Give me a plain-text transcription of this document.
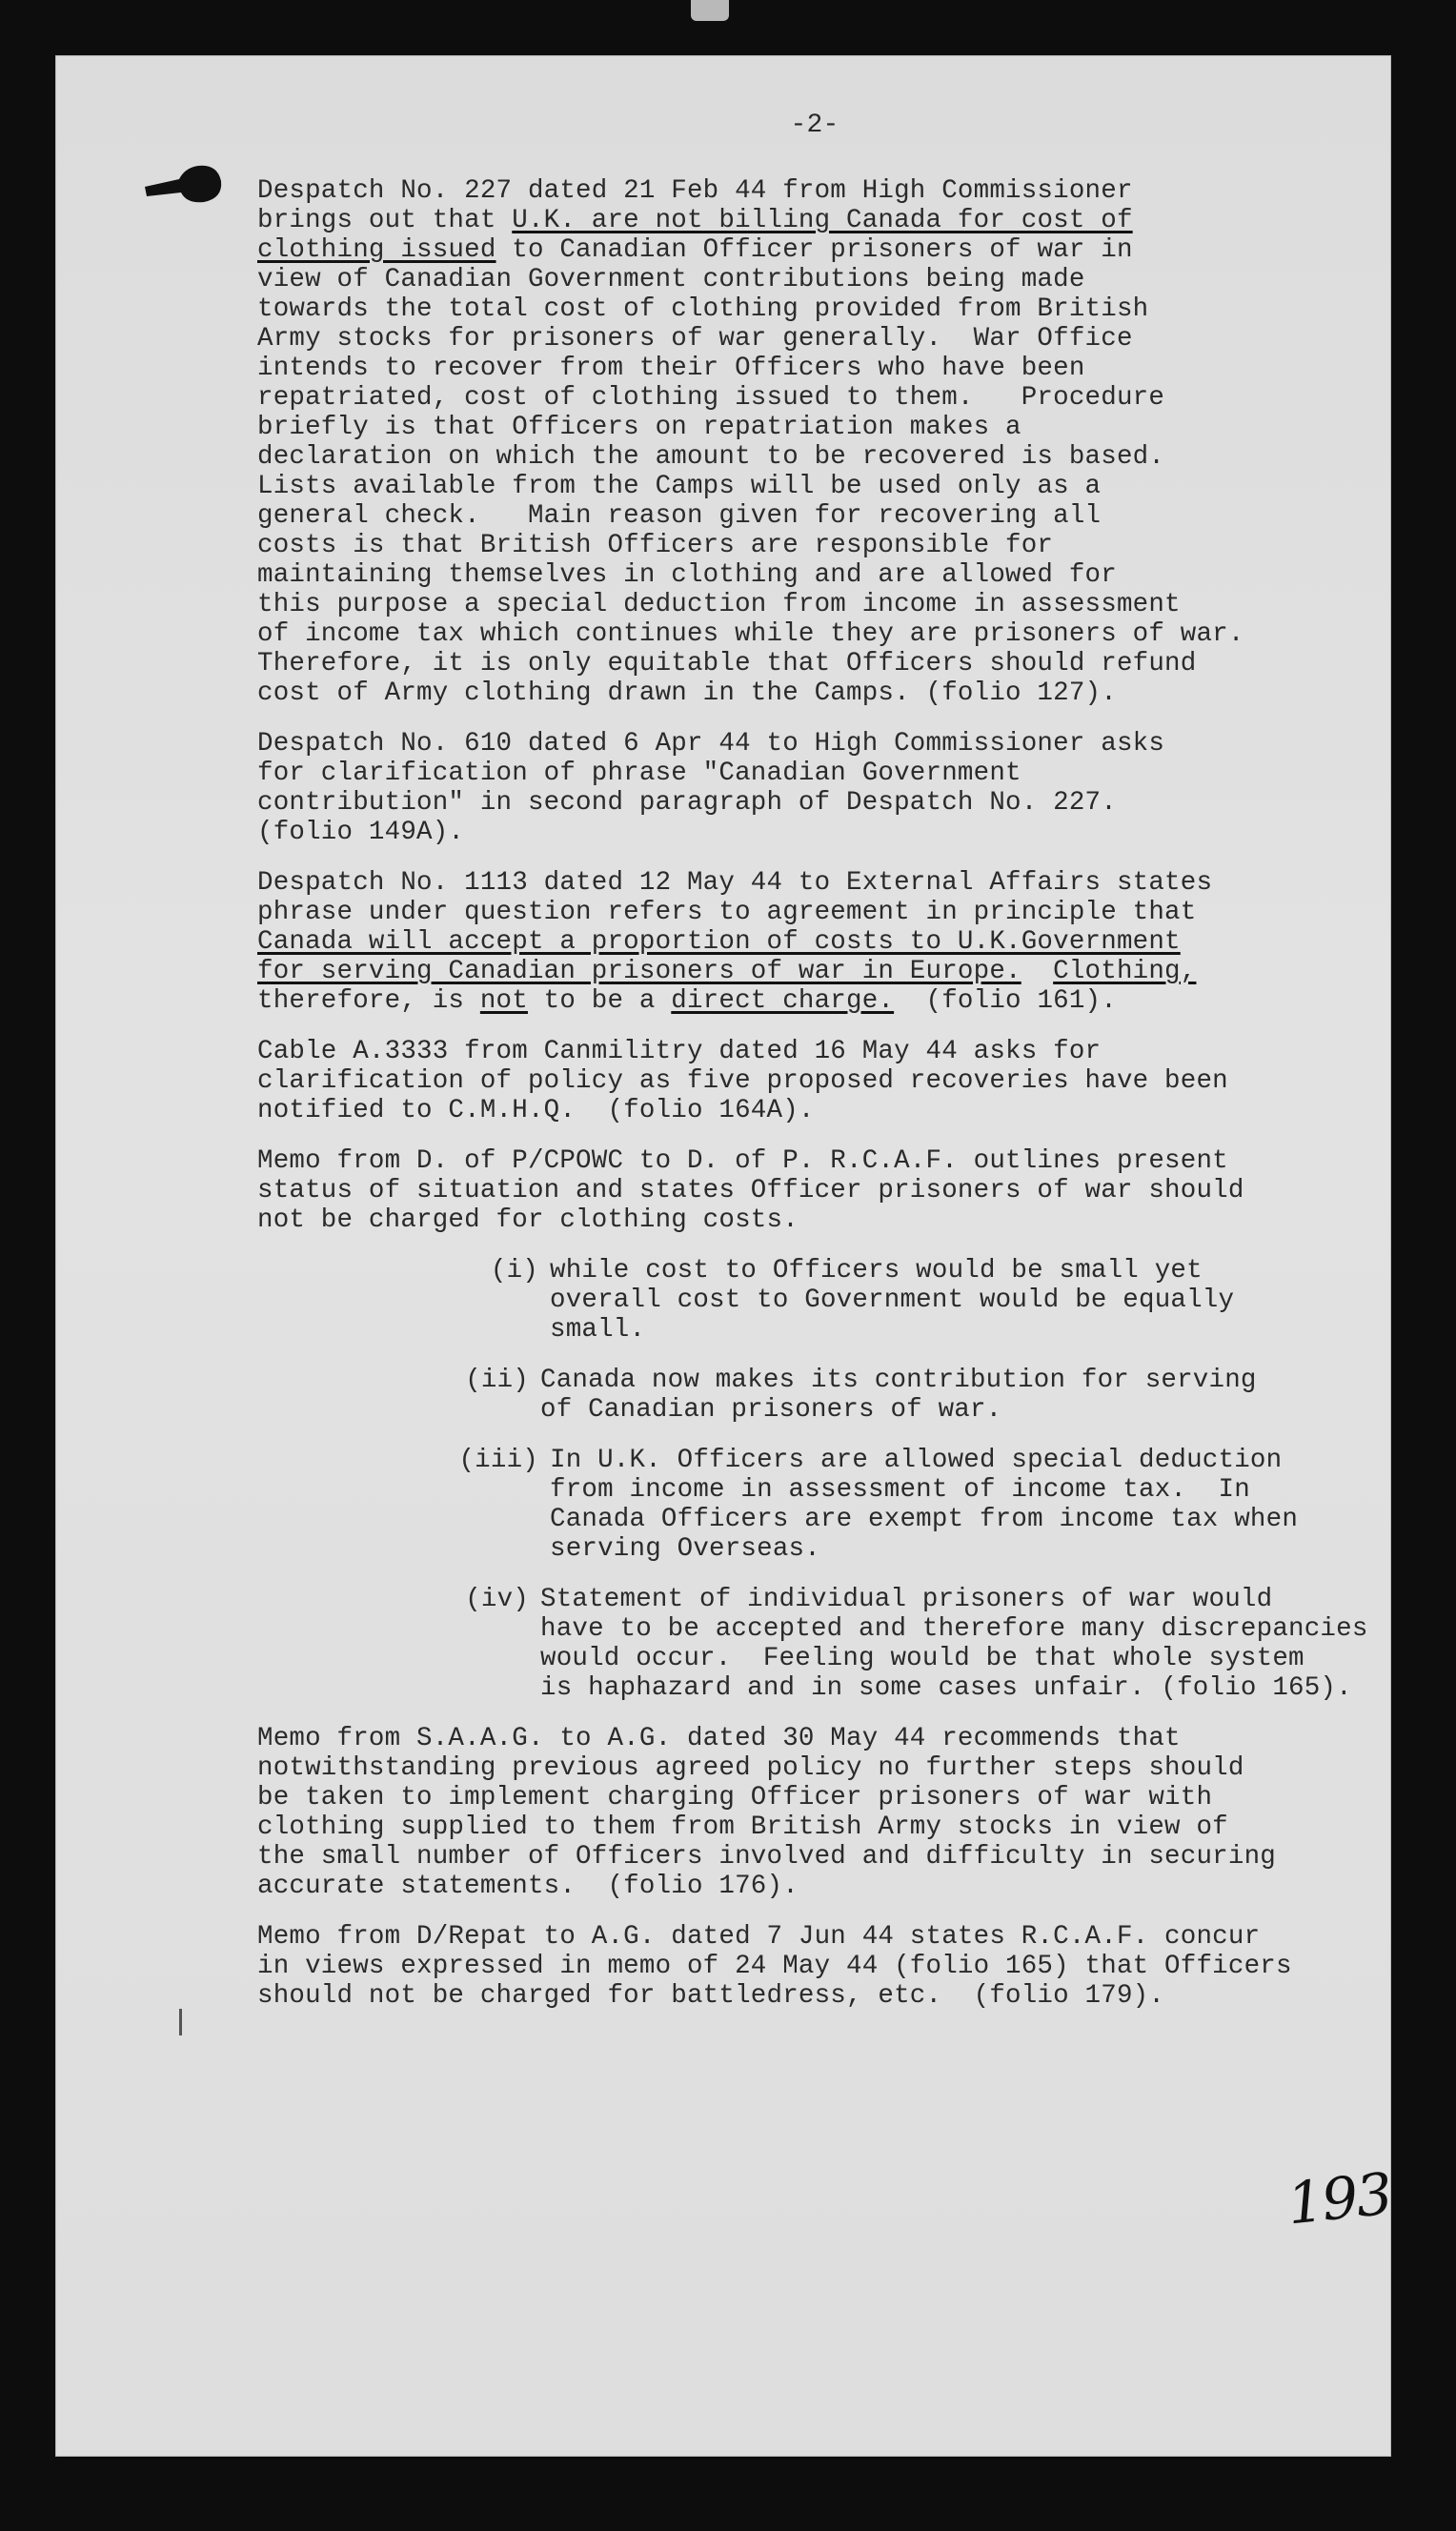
-2-
Despatch No. 227 dated 21 Feb 44 from High Commissioner
brings out that U.K. are not billing Canada for cost of
clothing issued to Canadian Officer prisoners of war in
view of Canadian Government contributions being made
towards the total cost of clothing provided from British
Army stocks for prisoners of war generally.  War Office
intends to recover from their Officers who have been
repatriated, cost of clothing issued to them.   Procedure
briefly is that Officers on repatriation makes a
declaration on which the amount to be recovered is based.
Lists available from the Camps will be used only as a
general check.   Main reason given for recovering all
costs is that British Officers are responsible for
maintaining themselves in clothing and are allowed for
this purpose a special deduction from income in assessment
of income tax which continues while they are prisoners of war.
Therefore, it is only equitable that Officers should refund
cost of Army clothing drawn in the Camps. (folio 127).
Despatch No. 610 dated 6 Apr 44 to High Commissioner asks
for clarification of phrase "Canadian Government
contribution" in second paragraph of Despatch No. 227.
(folio 149A).
Despatch No. 1113 dated 12 May 44 to External Affairs states
phrase under question refers to agreement in principle that
Canada will accept a proportion of costs to U.K.Government
for serving Canadian prisoners of war in Europe. Clothing,
therefore, is not to be a direct charge.  (folio 161).
Cable A.3333 from Canmilitry dated 16 May 44 asks for
clarification of policy as five proposed recoveries have been
notified to C.M.H.Q.  (folio 164A).
Memo from D. of P/CPOWC to D. of P. R.C.A.F. outlines present
status of situation and states Officer prisoners of war should
not be charged for clothing costs.
(i) while cost to Officers would be small yet
overall cost to Government would be equally
small.
(ii) Canada now makes its contribution for serving
of Canadian prisoners of war.
(iii) In U.K. Officers are allowed special deduction
from income in assessment of income tax.  In
Canada Officers are exempt from income tax when
serving Overseas.
(iv) Statement of individual prisoners of war would
have to be accepted and therefore many discrepancies
would occur.  Feeling would be that whole system
is haphazard and in some cases unfair. (folio 165).
Memo from S.A.A.G. to A.G. dated 30 May 44 recommends that
notwithstanding previous agreed policy no further steps should
be taken to implement charging Officer prisoners of war with
clothing supplied to them from British Army stocks in view of
the small number of Officers involved and difficulty in securing
accurate statements.  (folio 176).
Memo from D/Repat to A.G. dated 7 Jun 44 states R.C.A.F. concur
in views expressed in memo of 24 May 44 (folio 165) that Officers
should not be charged for battledress, etc.  (folio 179).
193
